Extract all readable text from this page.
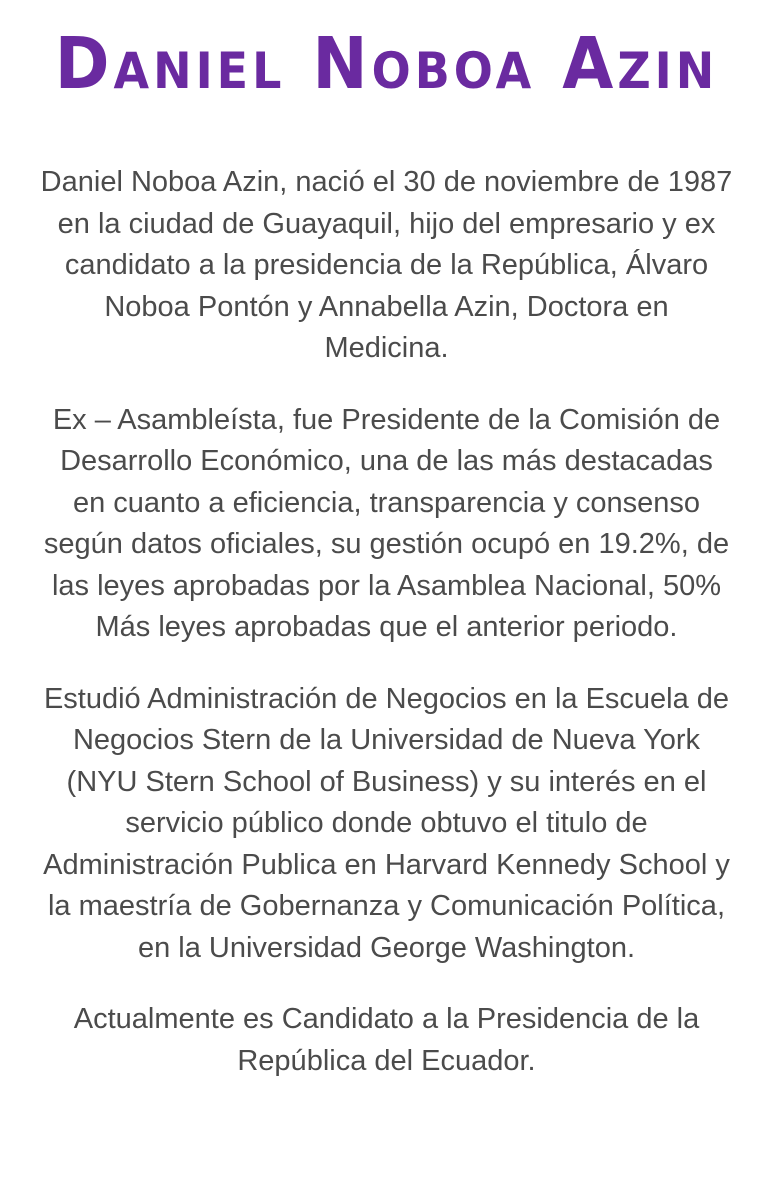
Daniel Noboa Azin

Daniel Noboa Azin, nació el 30 de noviembre de 1987 en la ciudad de Guayaquil, hijo del empresario y ex candidato a la presidencia de la República, Álvaro Noboa Pontón y Annabella Azin, Doctora en Medicina.

Ex – Asambleísta, fue Presidente de la Comisión de Desarrollo Económico, una de las más destacadas en cuanto a eficiencia, transparencia y consenso según datos oficiales, su gestión ocupó en 19.2%, de las leyes aprobadas por la Asamblea Nacional, 50% Más leyes aprobadas que el anterior periodo.

Estudió Administración de Negocios en la Escuela de Negocios Stern de la Universidad de Nueva York (NYU Stern School of Business) y su interés en el servicio público donde obtuvo el titulo de Administración Publica en Harvard Kennedy School y la maestría de Gobernanza y Comunicación Política, en la Universidad George Washington.

Actualmente es Candidato a la Presidencia de la República del Ecuador.
